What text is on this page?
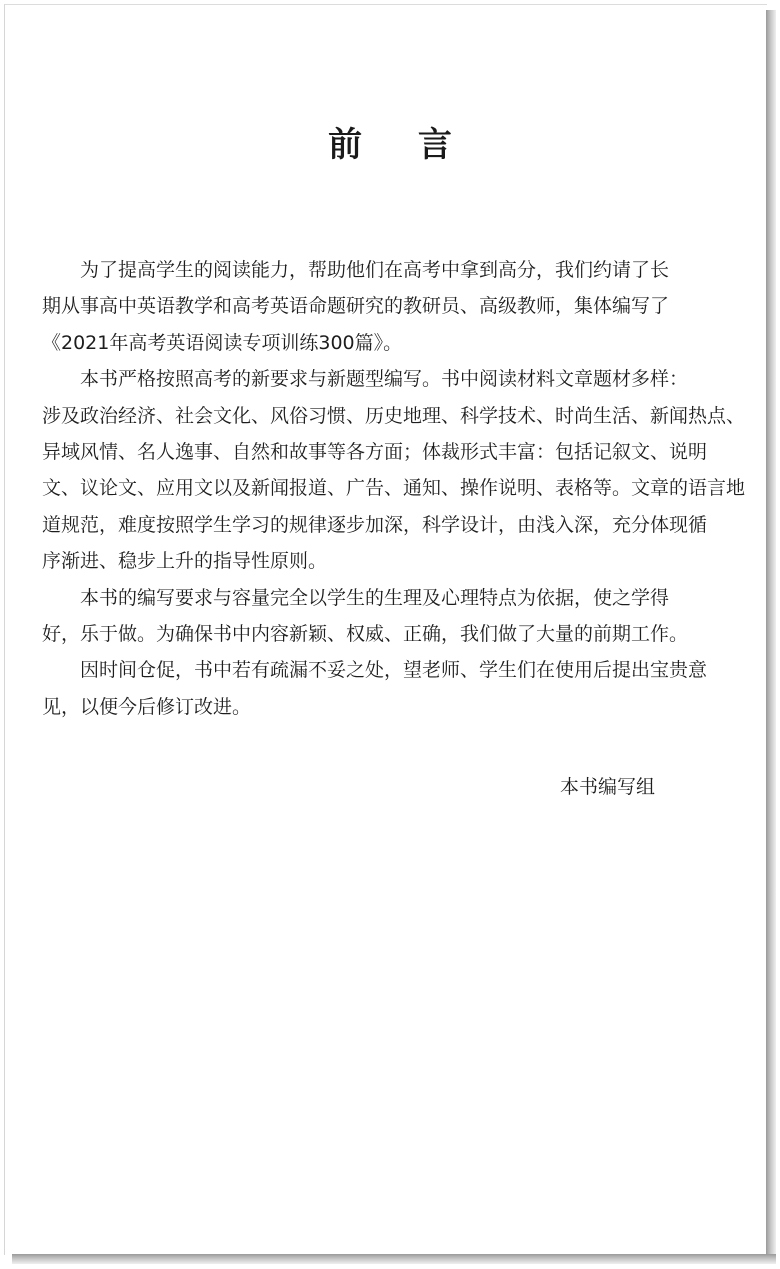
前 言

为了提高学生的阅读能力，帮助他们在高考中拿到高分，我们约请了长
期从事高中英语教学和高考英语命题研究的教研员、高级教师，集体编写了
《2021年高考英语阅读专项训练300篇》。

本书严格按照高考的新要求与新题型编写。书中阅读材料文章题材多样：
涉及政治经济、社会文化、风俗习惯、历史地理、科学技术、时尚生活、新闻热点、
异域风情、名人逸事、自然和故事等各方面；体裁形式丰富：包括记叙文、说明
文、议论文、应用文以及新闻报道、广告、通知、操作说明、表格等。文章的语言地
道规范，难度按照学生学习的规律逐步加深，科学设计，由浅入深，充分体现循
序渐进、稳步上升的指导性原则。

本书的编写要求与容量完全以学生的生理及心理特点为依据，使之学得
好，乐于做。为确保书中内容新颖、权威、正确，我们做了大量的前期工作。

因时间仓促，书中若有疏漏不妥之处，望老师、学生们在使用后提出宝贵意
见，以便今后修订改进。

本书编写组
